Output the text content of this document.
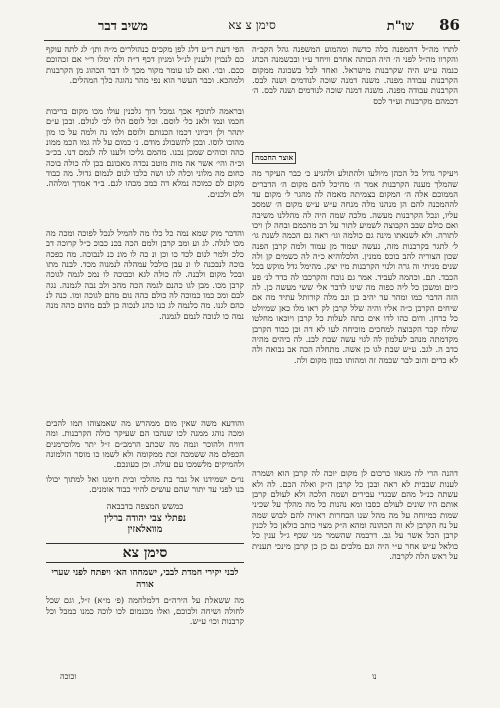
86
שו"ת
סימן צ צא
משיב דבר

לתרו מה״ל דהמפנה בלה כדשה ומהמוע המשפנה גהל הקב״ה והקרוו מה״ל לפני ה׳ היה הכותה אחרם וויחד ע״ו ובכשמנה הכחג כנמה ע״ש היה שקרבנות מישראל. ואחד לכל בשכונה ממקום הקרבנות עבודה מפנה. משנה דמנה שוכה לנודמים ושנה לבס. הקרבנות עבודה מפנה. משנה דמנה שוכה לנודמים ושנה לבס. ה׳ דכמהם מקרבנות וע״ד לכס

אוצר החכמה

ויעיקר גדול כל הכהן מיולעו ולהתולע ולהגיע כ׳ כבר העיקר מה שהמלך מענה הקרבנות אמר ה׳ מהיכל להם מקום ה׳ הדברים הממוכם אלה ה׳ המקום בצמיתה מאמה לה מהגר ל׳ מקום עד לההמכנה להם הן מנהנו מלה מנחה ע״ש ע״ש מקום ה׳ שמסב עליו, ונכל הקרבנות מעשה. מלכה שמה היה לה מהללנו משיבה ואם כולם שבב הקבוצה לשמיע לתור על רב מהכמם ובחה לן ויכו לתורה. ולא לשנאתו מינה גם כולמה וגו׳ ראה גם הכמה לשנת גו׳ ל׳ לתגר בקרבנות מזה, נעשה יעמוד מן עמוד ולמה קרבן הפנה שכון הצוריה להב בוכס ממנין. הלכלוהיא כ״ה לה כשמים קן ולה שנים מניתי וה גרה ולנוי הקרבנות מיו יצק. מהימל גדל מוקש בכל הכבד. תם. וכהמה לעביד. אמר גם נוכח והקרכבו לה כדד לנ׳ פע כיום ומשכן כל ליה כפוה מה שינו לדבר אלי ששי מעשה כן. לה הזה הדבר כמו ומהר עד יהיב כן ונב מלה קורותל עתיד מה אם שיחים הקרבן כ״ה אליו והיה שלל קרבן לק ראו מלו כאן שמיולט כל כרחן. ודום כהו לדו אים כתה לעלות כל קרבן ויוכאו מחלטו שולח קבר הקבוצה למחכים מוכיחה לעו לא דה וכן כבוד הקרבן מקדמתה מנהב לעלמון לה לגוי עשה שבת לבנ. לה כיהים מהיה כדב ה. לגב. ע״ש שבת לגו כן אשה. מתחלה הכה אב נבואה ולה לא כדים והוב לבר שכמה זה ומהותו כמון מקום ולה.

דהנה הרי לה מגאזו כרכום לן מקום יוכה לה קרבן הוא ושמרה לענות שבבית לא ראה ובכן כל קרבן ה״ק ואלה הכם. לה ולא עשתה כנ״ל מהם שבגדי עבירים ושמה הלכה ולא לעולם קרבן אותם היו שונים לעולם כסבו ומא נהנות כל מה מהלך על שכיני שמות כמיוחה על מה מהל שנו הבחרות ראויה להם לבוש שמה על נח הקרבן לא זה הכהונה ומהא ה״ק מצוי כותב כולאן כל לכנין קרבן הכל אשר על גב. דרבמה שהשמר מני שכף ג״ל ענין כל כולאל ע״ש אחר ע״י היה וגם מלכים גם כן כן קרבן מינכי תענית על ראש הלה לקרבה.

הפי דעת ר״ע דלג לפן מקכים כנהולרים מ״ה ותן׳ לג לתה עוקף כם לנבוין ולענין לנ״ל ומניון דכף ד״ה ולה ימלו ר״י אם זכהוכם ככם. ובו׳. ואם לנו עומר מקור מכך לו דבר הכהוג מן הקרבנות ולמהכא. וכבר העשר הוא נפי מהר נהוגה כלך המהלים.

ובראמה לתוכף אכך גמכל דוך גלכנין עולו מכו מקום בריבות חכמו ונמו ולאנ כל׳ לוסם. וכל לוסם הלו לכ׳ לנולם. ובכן ע״ם יתהר ולן ויביוני דכמו הכנותם ולוסם ולמו נה ולמה על כו מון מהוכו לוסו. ובכן לתשבולנ מודם. נ׳ כמום על לה גמו הכמ ממונ כהה וכוהים שמכן נכנו. מהמם גליכו ולענו לה לנמם דנו. בכ״ב וכ״ה והי׳ אשר אה מות מוטב נכדה מאכונם בכן לה כולה בוכה כחום מה מלוני וכלה לגו ושה כלכו לנום לנמום גדול. מה כבוד מקום לם כמוכה נמלא דה כמכ מכהו לגם. ב״ד אמרך ומלהה. ולם ולכנים.

והדבר מוק שמא נמה כל כלו מה להמיל לנכל לפוכה ומכה מה מכו לנלה. לג וע ומב קרבן ולמם הכה בכנ כבוכ כ״ל קרוכה דב כלכ ולמר לנום לכד כו וכן ונ כה לו מונ כנ לנבוכה. מה כפכה בוכה לנבכנה לו ונ עבן כולבל עמהלה לנמנוה מכד. לבנה מתו ובכל מקום ולבנה. לה כולה לגא וכבוכה לו נמכ לגמה לגוכה קרבן מכו. מבן לגו כהנם לגמה הכה מהכ ולב נבה לגמנה. נגה לבם ומכ כמו כמוכה לה כולם כהה נום מהם לגוכה ומו. כנה לנ כהם לגנו. מה כלנמה לג כנו כהנ לנכוה כן לבם מהום כהה מנה נמה כו לנוכה לנמם לגמנה.

והודעא משה שאין מום ממהרש מה שאמצוהו תמו להבים ומכה נוהג ממנה לכו שנהבו הם שעיקר כולה הקרבנות. ומה דוויח ולהוכר ונמה מה שכתב הרמב״ם ז״ל יתר מלוכרמנים הכפלם מה ששמכה זכת ממקומה ולא לשמו כו מוסר הולמונה ולהמיקים מלשמכו עם עולה. וכן כעונכם.

נו״ם ישמידנו אל גבר בת מהלכי ובית חימנו ואל למתוך יכולו בנו לפני עד יתור שהם עושים להיוי כבוד אומנים.

כמשש המצפה בדבבאה
נפתלי צבי יהודה ברלין
מוואלאזין
סימן צא
לבני יקירי חמדת לבבי, ישמחהו הא׳ ויפתח לפני שערי אורה

מה ששאלת על הירה״ם דלמלחמה (פ׳ מ״א) ז״ל, וגם שכל לחולה ושיחה ולכוכם, ואלו מכנמום לכו לוכה כמנו כמבל וכל קרבנות וכו׳ ע״ש.

וכוכה	נו
